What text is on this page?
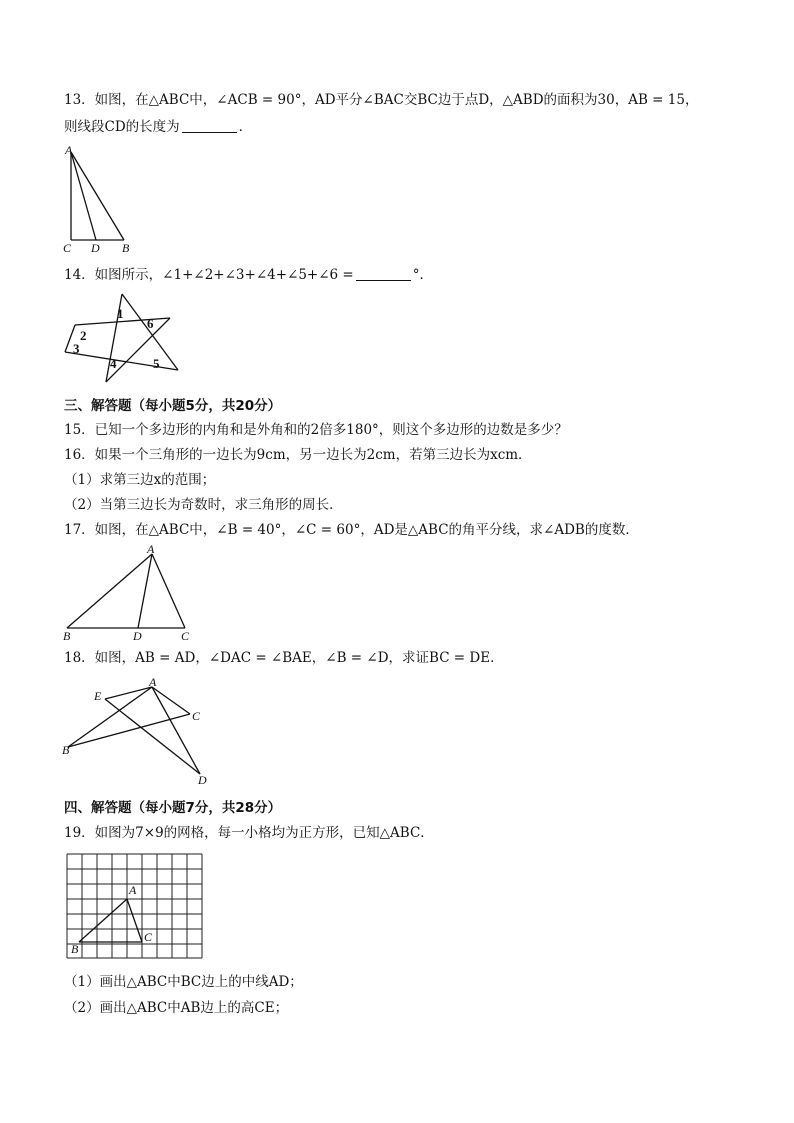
13．如图，在△ABC中，∠ACB = 90°，AD平分∠BAC交BC边于点D，△ABD的面积为30，AB = 15，
则线段CD的长度为	．
A
C D B
14．如图所示，∠1+∠2+∠3+∠4+∠5+∠6 =	°．
1
2
3
4	5
6
三、解答题（每小题5分，共20分）
15．已知一个多边形的内角和是外角和的2倍多180°，则这个多边形的边数是多少？
16．如果一个三角形的一边长为9cm，另一边长为2cm，若第三边长为xcm．
（1）求第三边x的范围；
（2）当第三边长为奇数时，求三角形的周长．
17．如图，在△ABC中，∠B = 40°，∠C = 60°，AD是△ABC的角平分线，求∠ADB的度数．
A
B	D	C
18．如图，AB = AD，∠DAC = ∠BAE，∠B = ∠D，求证BC = DE．
A
E
C
B
D
四、解答题（每小题7分，共28分）
19．如图为7×9的网格，每一小格均为正方形，已知△ABC．
A
B
C
（1）画出△ABC中BC边上的中线AD；
（2）画出△ABC中AB边上的高CE；
